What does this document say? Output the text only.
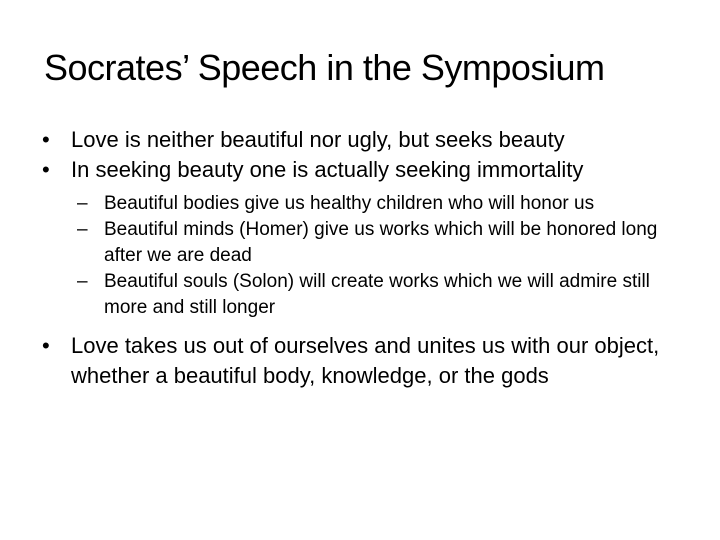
Socrates’ Speech in the Symposium
• Love is neither beautiful nor ugly, but seeks beauty
• In seeking beauty one is actually seeking immortality
– Beautiful bodies give us healthy children who will honor us
– Beautiful minds (Homer) give us works which will be honored long after we are dead
– Beautiful souls (Solon) will create works which we will admire still more and still longer
• Love takes us out of ourselves and unites us with our object, whether a beautiful body, knowledge, or the gods
